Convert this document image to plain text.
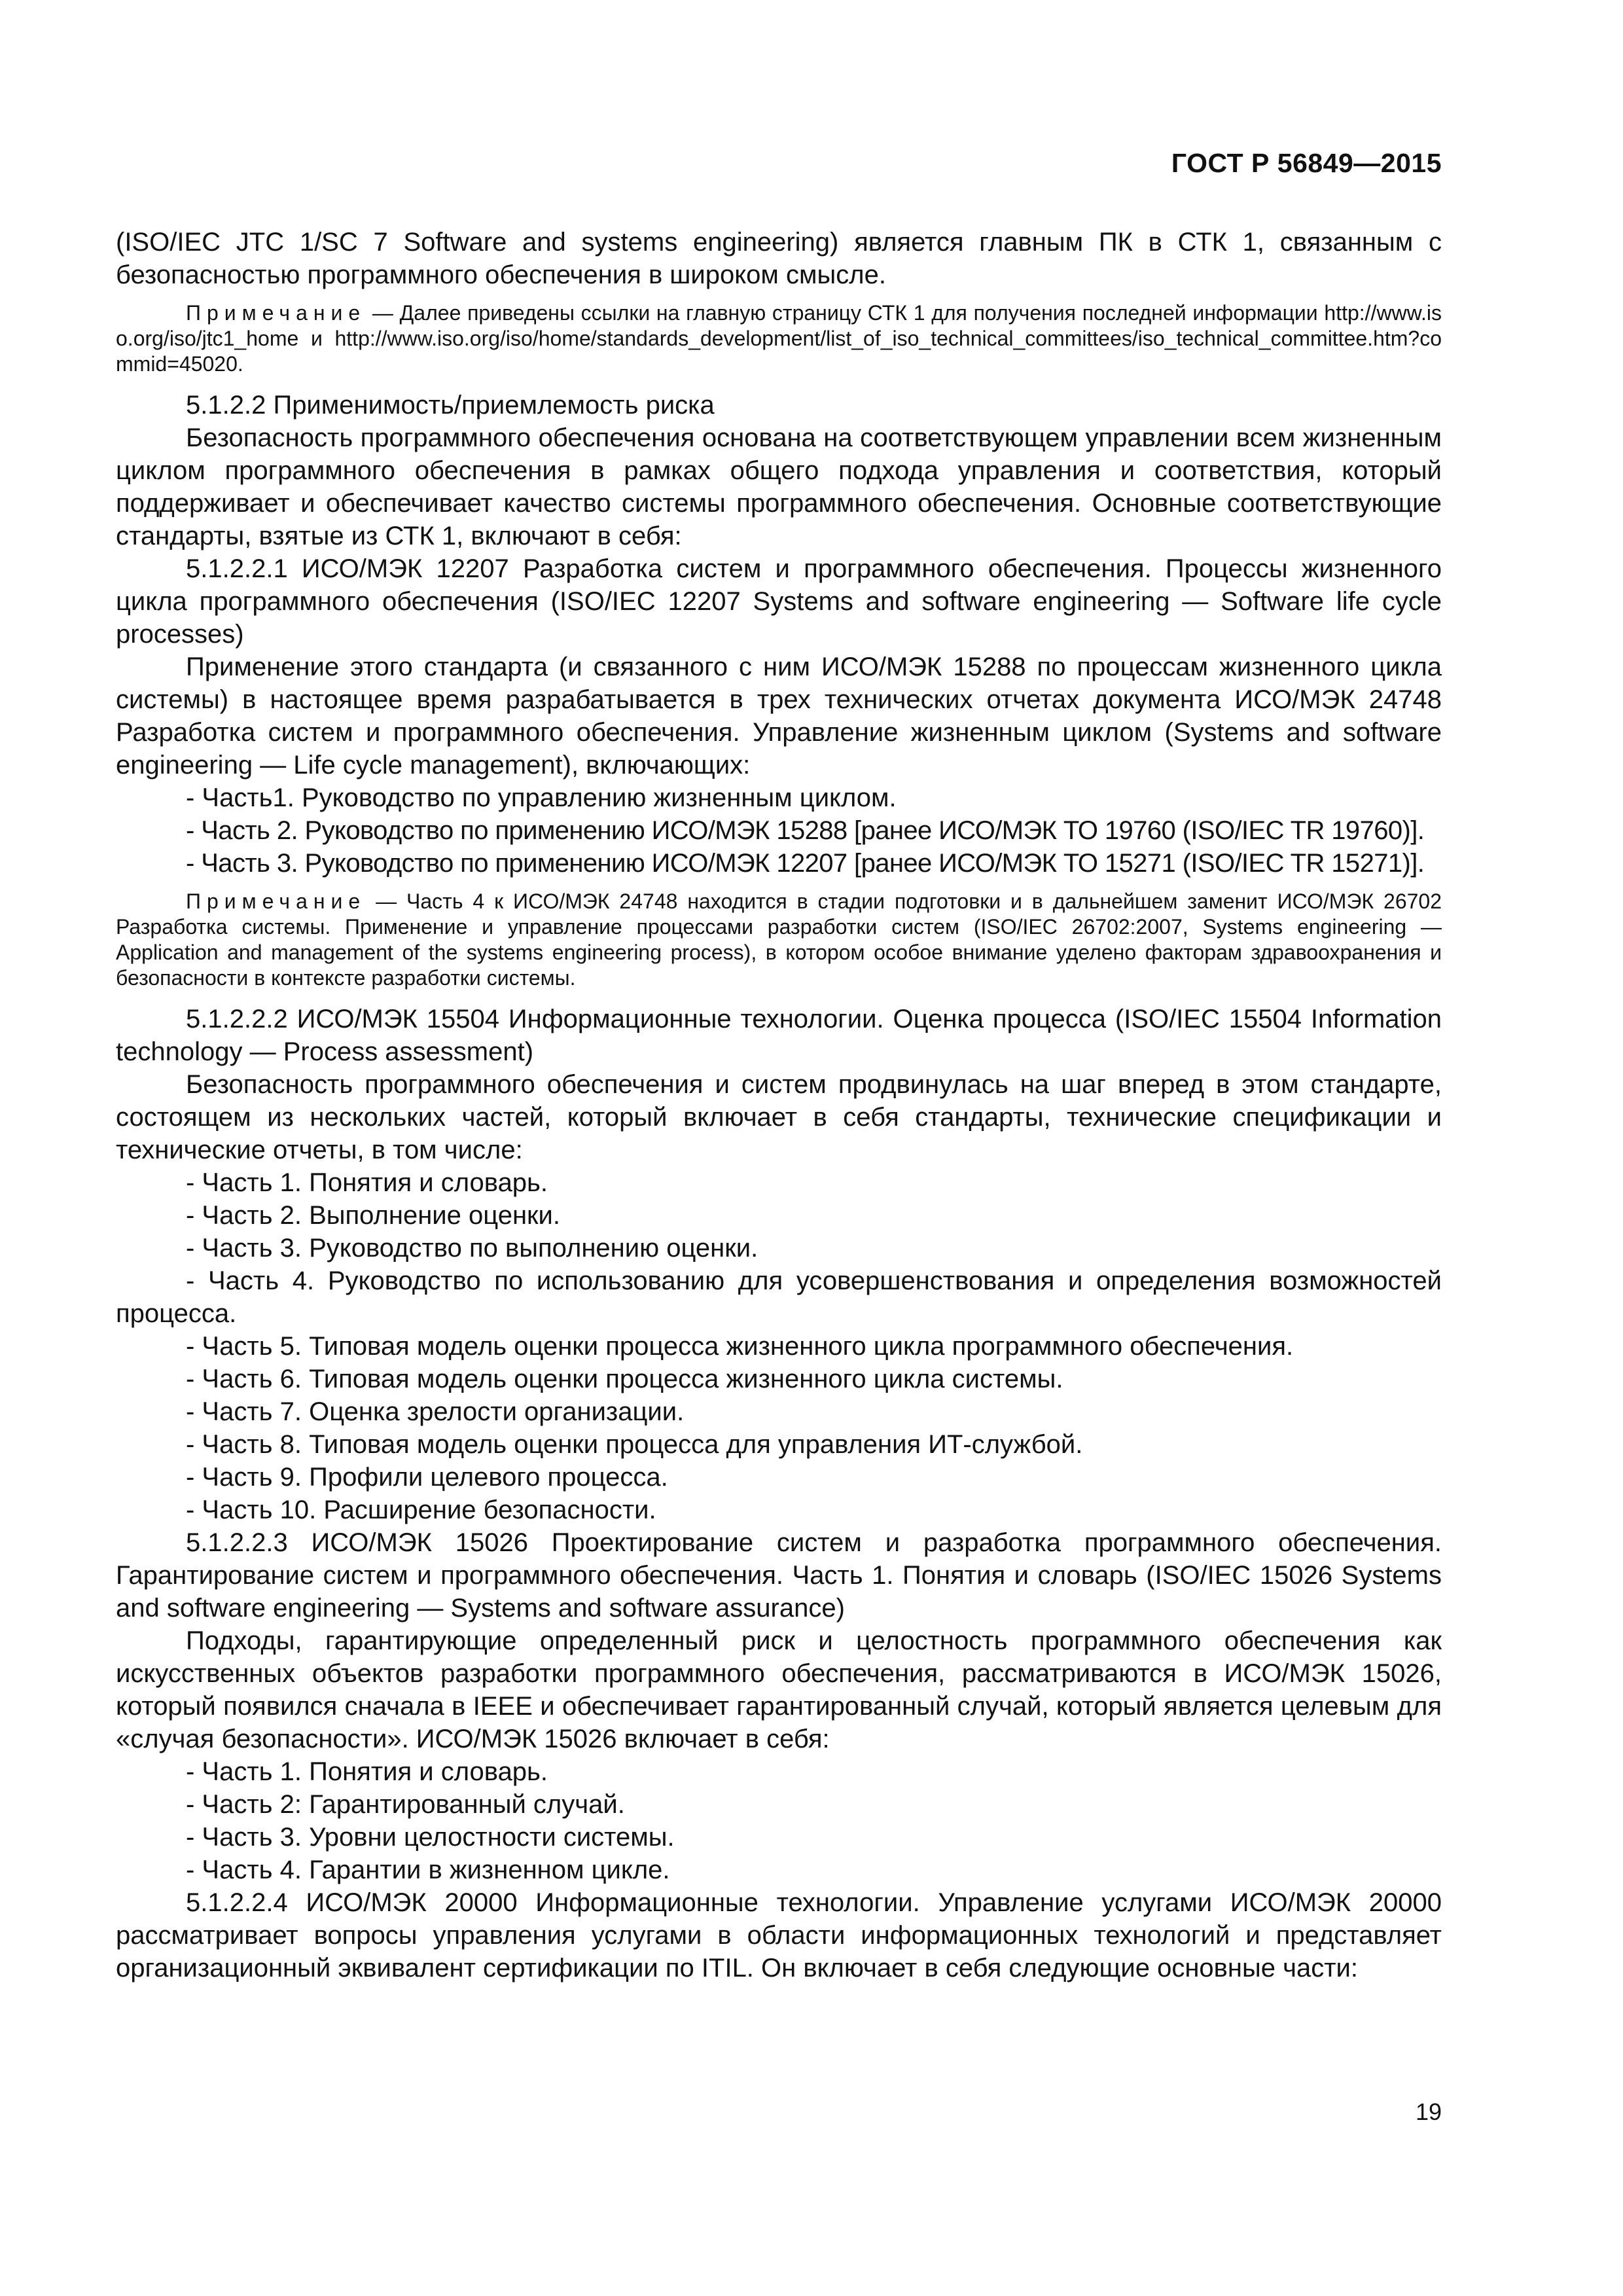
ГОСТ Р 56849—2015

(ISO/IEC JTC 1/SC 7 Software and systems engineering) является главным ПК в СТК 1, связанным с безопасностью программного обеспечения в широком смысле.

Примечание — Далее приведены ссылки на главную страницу СТК 1 для получения последней информации http://www.iso.org/iso/jtc1_home и http://www.iso.org/iso/home/standards_development/list_of_iso_technical_committees/iso_technical_committee.htm?commid=45020.

5.1.2.2 Применимость/приемлемость риска

Безопасность программного обеспечения основана на соответствующем управлении всем жизненным циклом программного обеспечения в рамках общего подхода управления и соответствия, который поддерживает и обеспечивает качество системы программного обеспечения. Основные соответствующие стандарты, взятые из СТК 1, включают в себя:

5.1.2.2.1 ИСО/МЭК 12207 Разработка систем и программного обеспечения. Процессы жизненного цикла программного обеспечения (ISO/IEC 12207 Systems and software engineering — Software life cycle processes)

Применение этого стандарта (и связанного с ним ИСО/МЭК 15288 по процессам жизненного цикла системы) в настоящее время разрабатывается в трех технических отчетах документа ИСО/МЭК 24748 Разработка систем и программного обеспечения. Управление жизненным циклом (Systems and software engineering — Life cycle management), включающих:

- Часть1. Руководство по управлению жизненным циклом.

- Часть 2. Руководство по применению ИСО/МЭК 15288 [ранее ИСО/МЭК ТО 19760 (ISO/IEC TR 19760)].

- Часть 3. Руководство по применению ИСО/МЭК 12207 [ранее ИСО/МЭК ТО 15271 (ISO/IEC TR 15271)].

Примечание — Часть 4 к ИСО/МЭК 24748 находится в стадии подготовки и в дальнейшем заменит ИСО/МЭК 26702 Разработка системы. Применение и управление процессами разработки систем (ISO/IEC 26702:2007, Systems engineering — Application and management of the systems engineering process), в котором особое внимание уделено факторам здравоохранения и безопасности в контексте разработки системы.

5.1.2.2.2 ИСО/МЭК 15504 Информационные технологии. Оценка процесса (ISO/IEC 15504 Information technology — Process assessment)

Безопасность программного обеспечения и систем продвинулась на шаг вперед в этом стандарте, состоящем из нескольких частей, который включает в себя стандарты, технические спецификации и технические отчеты, в том числе:

- Часть 1. Понятия и словарь.

- Часть 2. Выполнение оценки.

- Часть 3. Руководство по выполнению оценки.

- Часть 4. Руководство по использованию для усовершенствования и определения возможностей процесса.

- Часть 5. Типовая модель оценки процесса жизненного цикла программного обеспечения.

- Часть 6. Типовая модель оценки процесса жизненного цикла системы.

- Часть 7. Оценка зрелости организации.

- Часть 8. Типовая модель оценки процесса для управления ИТ-службой.

- Часть 9. Профили целевого процесса.

- Часть 10. Расширение безопасности.

5.1.2.2.3 ИСО/МЭК 15026 Проектирование систем и разработка программного обеспечения. Гарантирование систем и программного обеспечения. Часть 1. Понятия и словарь (ISO/IEC 15026 Systems and software engineering — Systems and software assurance)

Подходы, гарантирующие определенный риск и целостность программного обеспечения как искусственных объектов разработки программного обеспечения, рассматриваются в ИСО/МЭК 15026, который появился сначала в IEEE и обеспечивает гарантированный случай, который является целевым для «случая безопасности». ИСО/МЭК 15026 включает в себя:

- Часть 1. Понятия и словарь.

- Часть 2: Гарантированный случай.

- Часть 3. Уровни целостности системы.

- Часть 4. Гарантии в жизненном цикле.

5.1.2.2.4 ИСО/МЭК 20000 Информационные технологии. Управление услугами ИСО/МЭК 20000 рассматривает вопросы управления услугами в области информационных технологий и представляет организационный эквивалент сертификации по ITIL. Он включает в себя следующие основные части:

19
